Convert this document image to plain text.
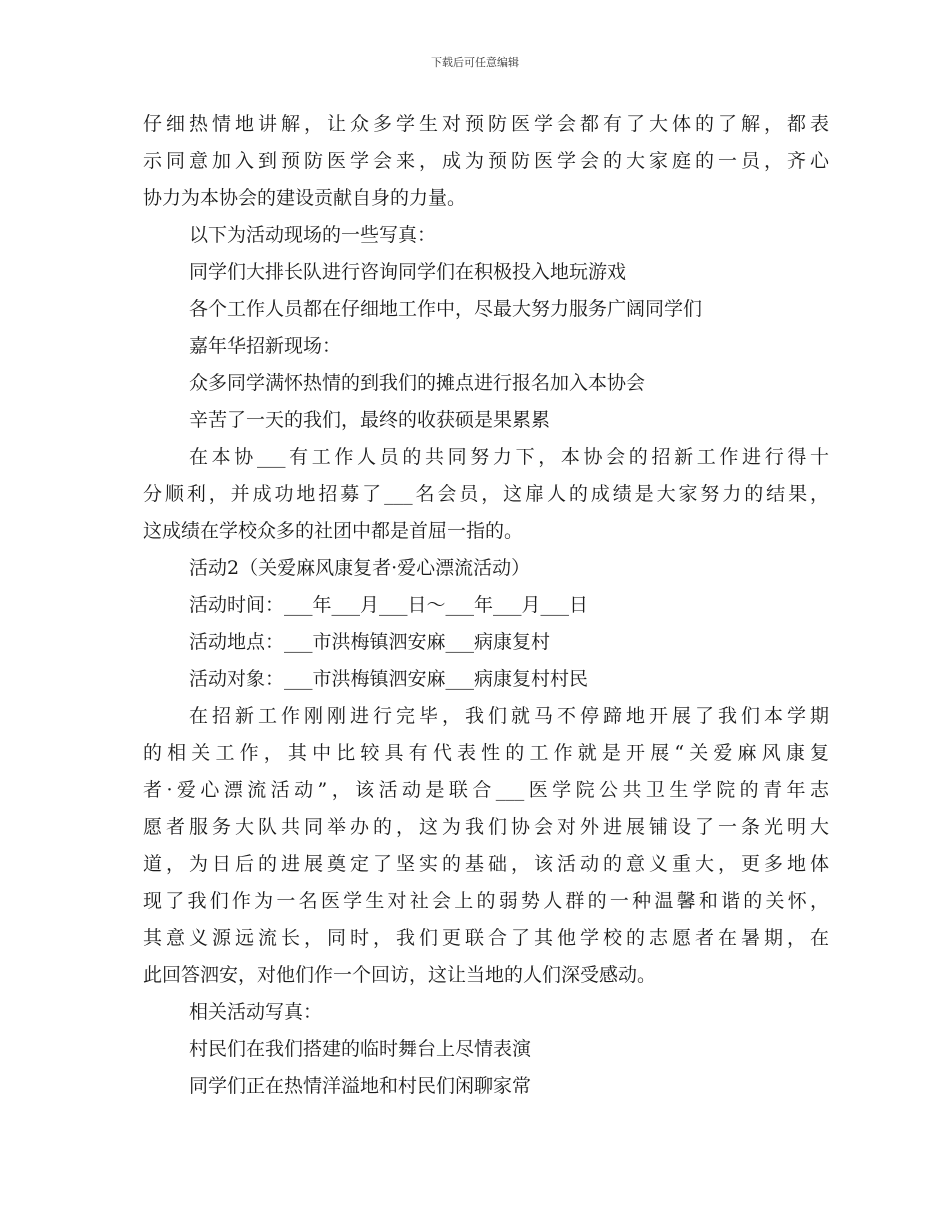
下载后可任意编辑
仔细热情地讲解，让众多学生对预防医学会都有了大体的了解，都表
示同意加入到预防医学会来，成为预防医学会的大家庭的一员，齐心
协力为本协会的建设贡献自身的力量。
以下为活动现场的一些写真：
同学们大排长队进行咨询同学们在积极投入地玩游戏
各个工作人员都在仔细地工作中，尽最大努力服务广阔同学们
嘉年华招新现场：
众多同学满怀热情的到我们的摊点进行报名加入本协会
辛苦了一天的我们，最终的收获硕是果累累
在本协___有工作人员的共同努力下，本协会的招新工作进行得十
分顺利，并成功地招募了___名会员，这扉人的成绩是大家努力的结果，
这成绩在学校众多的社团中都是首屈一指的。
活动2（关爱麻风康复者·爱心漂流活动）
活动时间：___年___月___日～___年___月___日
活动地点：___市洪梅镇泗安麻___病康复村
活动对象：___市洪梅镇泗安麻___病康复村村民
在招新工作刚刚进行完毕，我们就马不停蹄地开展了我们本学期
的相关工作，其中比较具有代表性的工作就是开展“关爱麻风康复
者·爱心漂流活动”，该活动是联合___医学院公共卫生学院的青年志
愿者服务大队共同举办的，这为我们协会对外进展铺设了一条光明大
道，为日后的进展奠定了坚实的基础，该活动的意义重大，更多地体
现了我们作为一名医学生对社会上的弱势人群的一种温馨和谐的关怀，
其意义源远流长，同时，我们更联合了其他学校的志愿者在暑期，在
此回答泗安，对他们作一个回访，这让当地的人们深受感动。
相关活动写真：
村民们在我们搭建的临时舞台上尽情表演
同学们正在热情洋溢地和村民们闲聊家常
